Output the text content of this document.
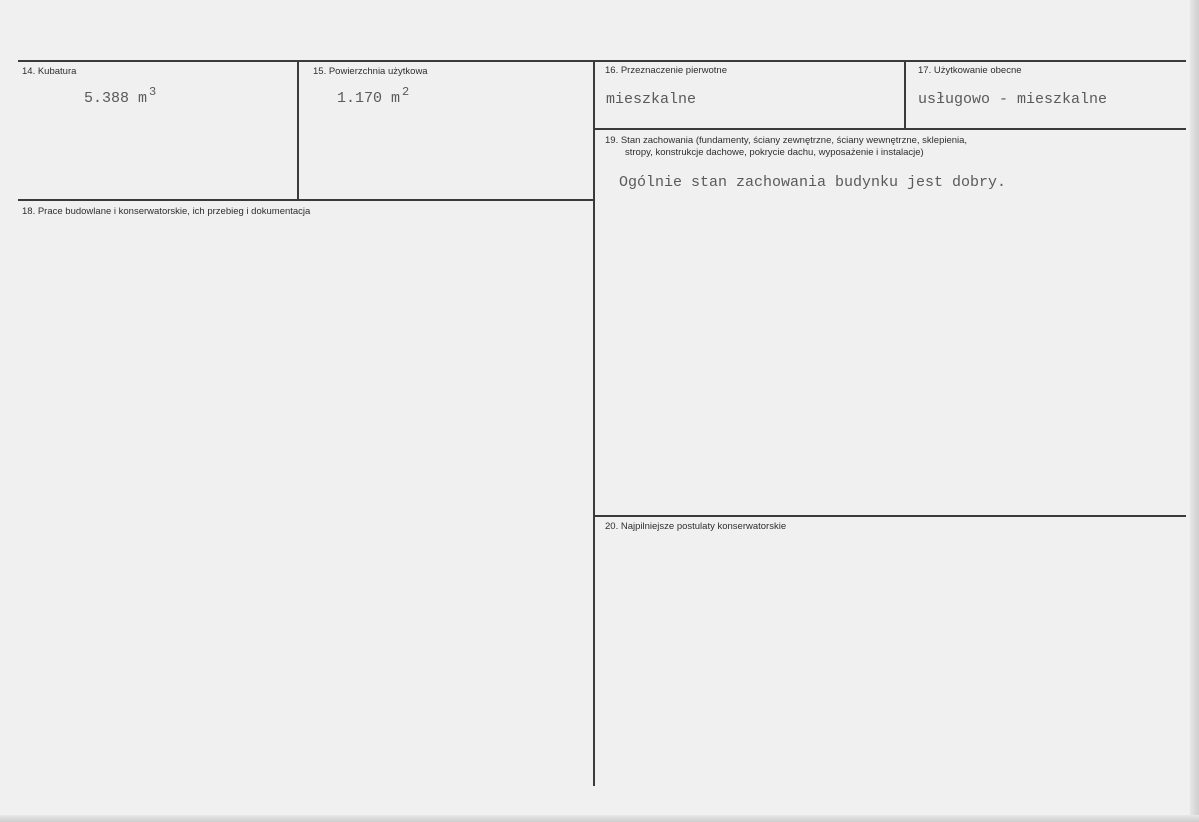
14. Kubatura
5.388 m $^3$
15. Powierzchnia użytkowa
1.170 m $^2$
16. Przeznaczenie pierwotne
mieszkalne
17. Użytkowanie obecne
usługowo - mieszkalne
18. Prace budowlane i konserwatorskie, ich przebieg i dokumentacja
19. Stan zachowania (fundamenty, ściany zewnętrzne, ściany wewnętrzne, sklepienia,
stropy, konstrukcje dachowe, pokrycie dachu, wyposażenie i instalacje)
Ogólnie stan zachowania budynku jest dobry.
20. Najpilniejsze postulaty konserwatorskie
